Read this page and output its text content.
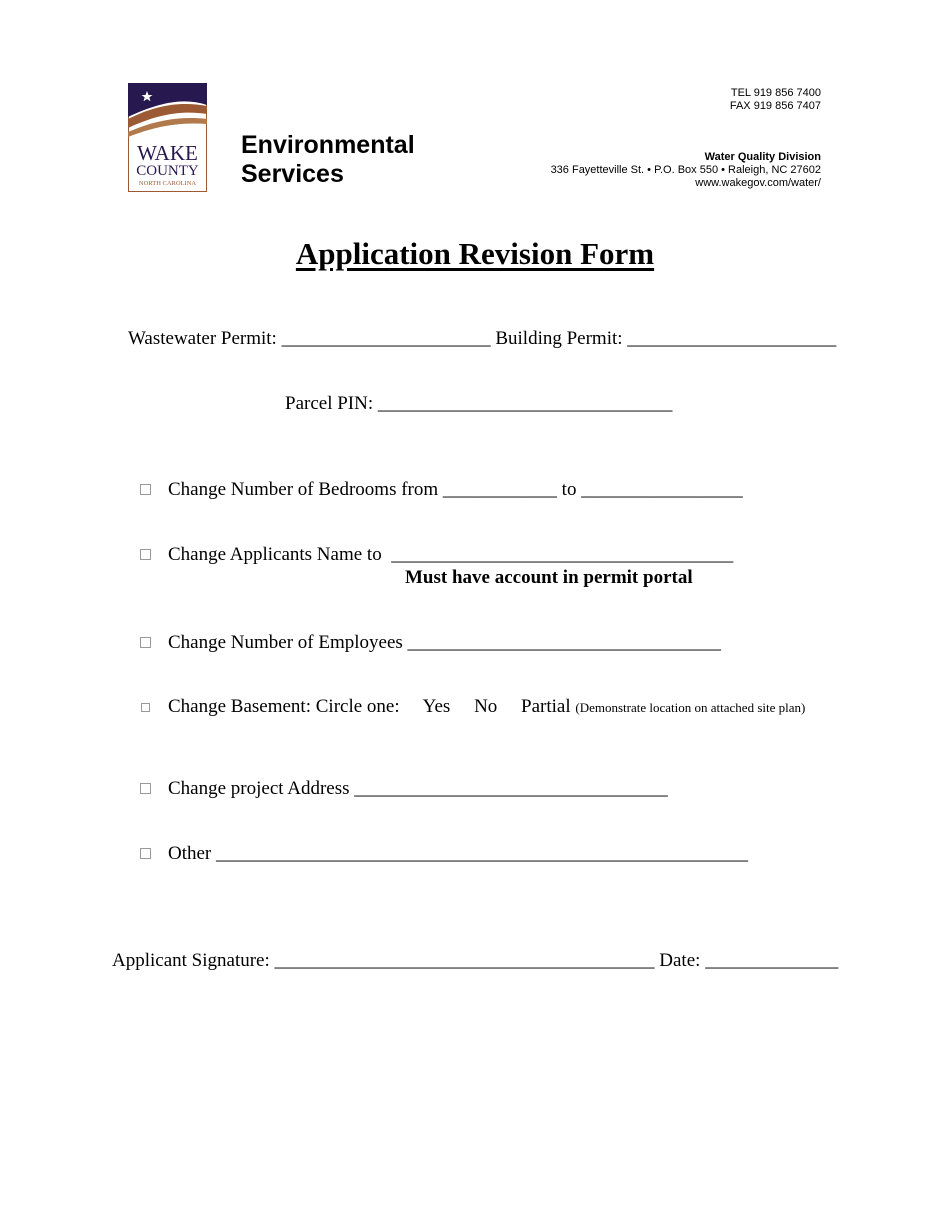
WAKE
COUNTY
NORTH CAROLINA
Environmental
Services
TEL 919 856 7400
FAX 919 856 7407
Water Quality Division
336 Fayetteville St. • P.O. Box 550 • Raleigh, NC 27602
www.wakegov.com/water/
Application Revision Form
Wastewater Permit: ______________________ Building Permit: ______________________
Parcel PIN: _______________________________
Change Number of Bedrooms from ____________ to _________________
Change Applicants Name to  ____________________________________
Must have account in permit portal
Change Number of Employees _________________________________
Change Basement: Circle one:     Yes     No     Partial (Demonstrate location on attached site plan)
Change project Address _________________________________
Other ________________________________________________________
Applicant Signature: ________________________________________ Date: ______________
